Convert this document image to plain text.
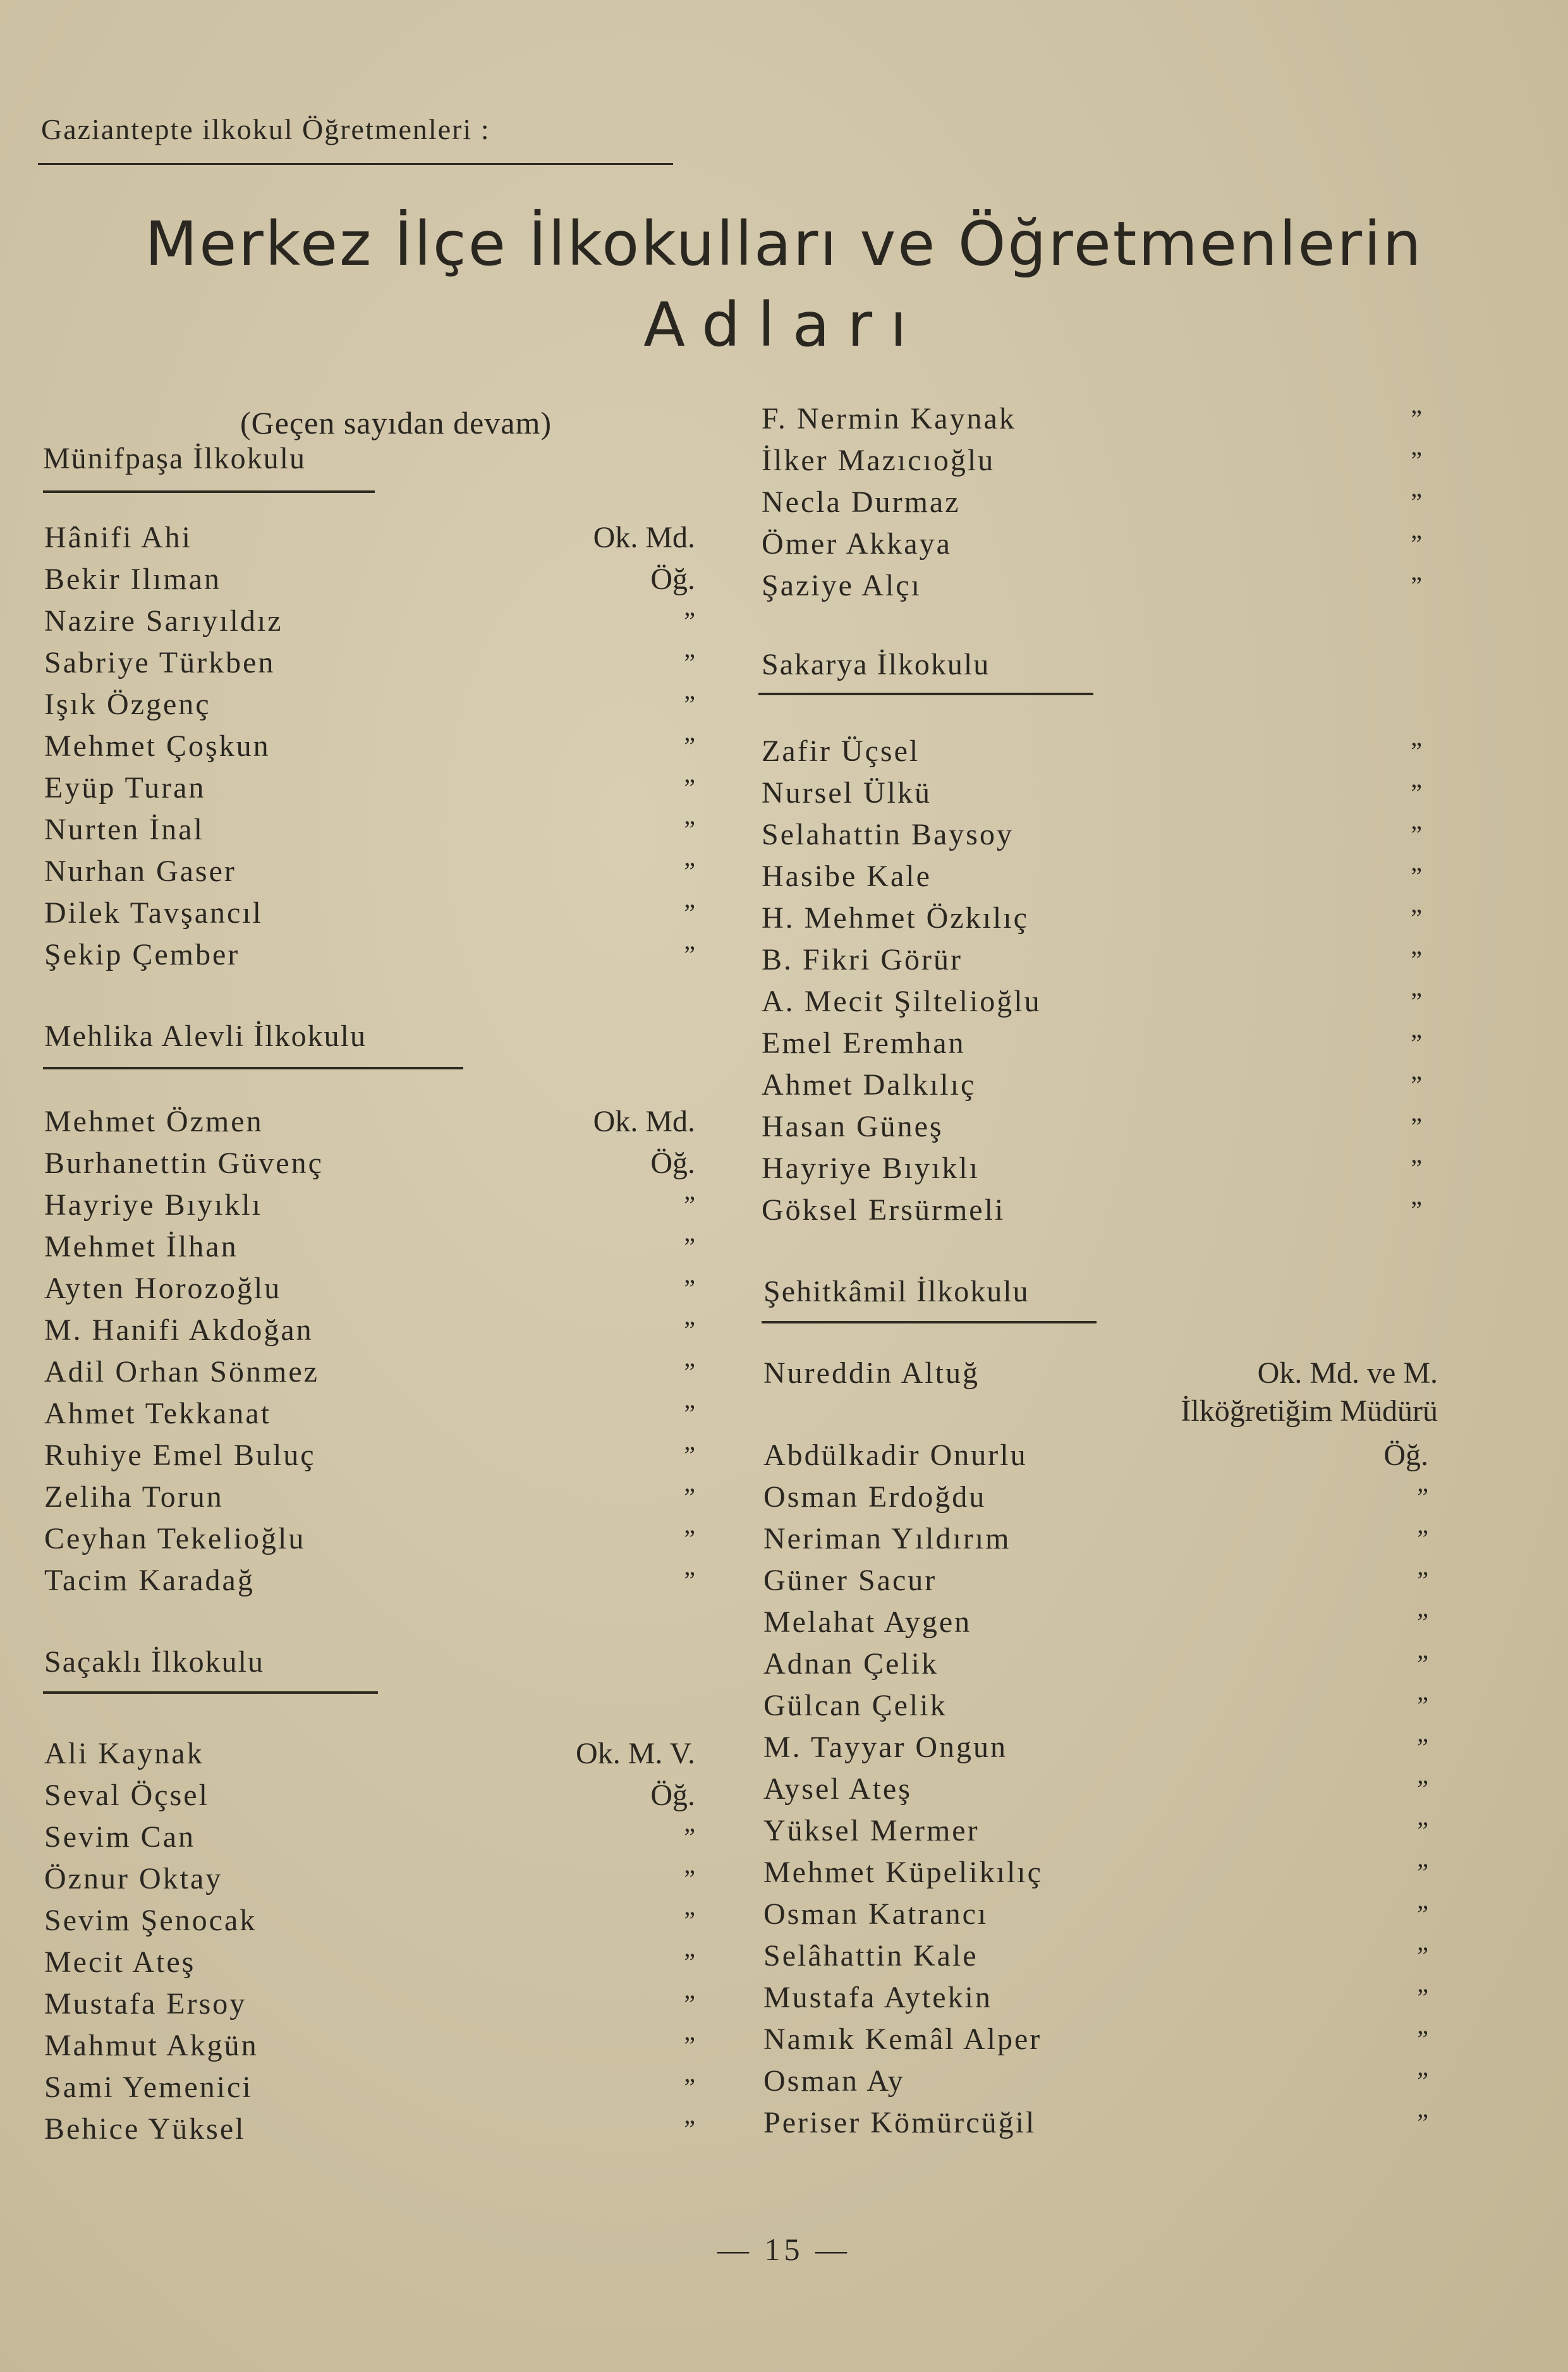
Gaziantepte ilkokul Öğretmenleri :
Merkez İlçe İlkokulları ve Öğretmenlerin
Adları
(Geçen sayıdan devam)
Münifpaşa İlkokulu
Hânifi Ahi	Ok. Md.
Bekir Ilıman	Öğ.
Nazire Sarıyıldız	”
Sabriye Türkben	”
Işık Özgenç	”
Mehmet Çoşkun	”
Eyüp Turan	”
Nurten İnal	”
Nurhan Gaser	”
Dilek Tavşancıl	”
Şekip Çember	”
Mehlika Alevli İlkokulu
Mehmet Özmen	Ok. Md.
Burhanettin Güvenç	Öğ.
Hayriye Bıyıklı	”
Mehmet İlhan	”
Ayten Horozoğlu	”
M. Hanifi Akdoğan	”
Adil Orhan Sönmez	”
Ahmet Tekkanat	”
Ruhiye Emel Buluç	”
Zeliha Torun	”
Ceyhan Tekelioğlu	”
Tacim Karadağ	”
Saçaklı İlkokulu
Ali Kaynak	Ok. M. V.
Seval Öçsel	Öğ.
Sevim Can	”
Öznur Oktay	”
Sevim Şenocak	”
Mecit Ateş	”
Mustafa Ersoy	”
Mahmut Akgün	”
Sami Yemenici	”
Behice Yüksel	”
F. Nermin Kaynak	”
İlker Mazıcıoğlu	”
Necla Durmaz	”
Ömer Akkaya	”
Şaziye Alçı	”
Sakarya İlkokulu
Zafir Üçsel	”
Nursel Ülkü	”
Selahattin Baysoy	”
Hasibe Kale	”
H. Mehmet Özkılıç	”
B. Fikri Görür	”
A. Mecit Şiltelioğlu	”
Emel Eremhan	”
Ahmet Dalkılıç	”
Hasan Güneş	”
Hayriye Bıyıklı	”
Göksel Ersürmeli	”
Şehitkâmil İlkokulu
Nureddin Altuğ	Ok. Md. ve M.
İlköğretiğim Müdürü
Abdülkadir Onurlu	Öğ.
Osman Erdoğdu	”
Neriman Yıldırım	”
Güner Sacur	”
Melahat Aygen	”
Adnan Çelik	”
Gülcan Çelik	”
M. Tayyar Ongun	”
Aysel Ateş	”
Yüksel Mermer	”
Mehmet Küpelikılıç	”
Osman Katrancı	”
Selâhattin Kale	”
Mustafa Aytekin	”
Namık Kemâl Alper	”
Osman Ay	”
Periser Kömürcüğil	”
— 15 —
